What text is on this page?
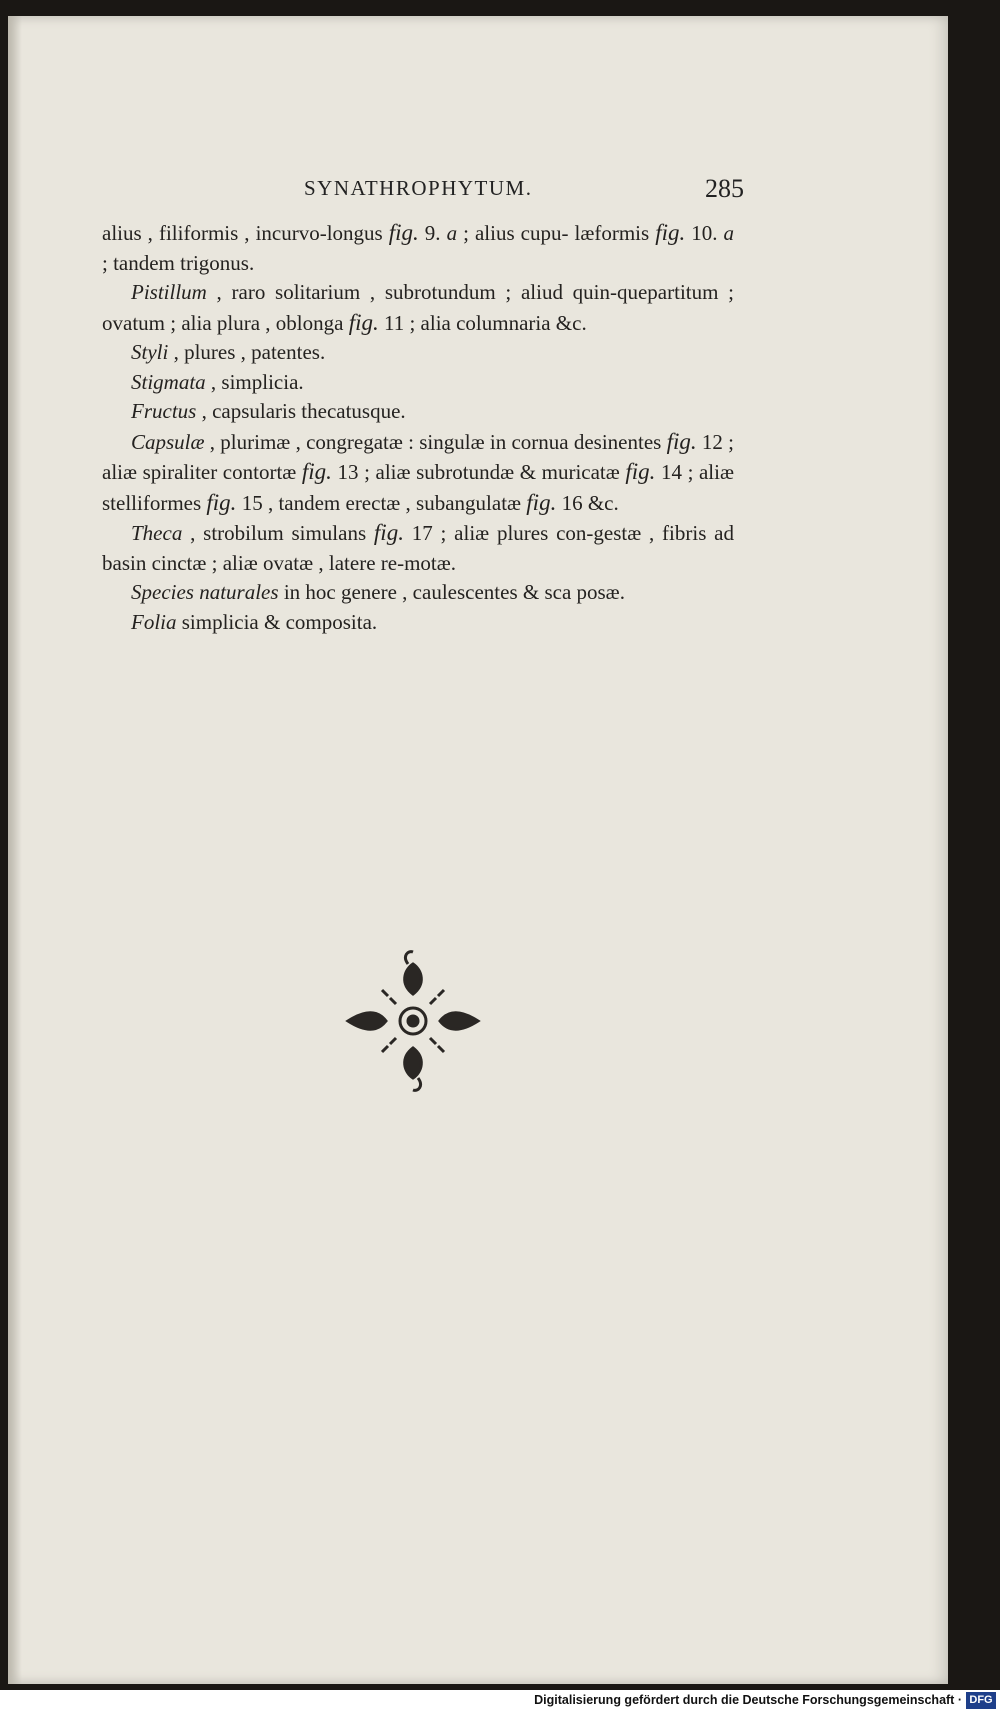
SYNATHROPHYTUM.	285

alius , filiformis , incurvo-longus fig. 9. a ; alius cupu- læformis fig. 10. a ; tandem trigonus.

Pistillum , raro solitarium , subrotundum ; aliud quin-quepartitum ; ovatum ; alia plura , oblonga fig. 11 ; alia columnaria &c.

Styli , plures , patentes.

Stigmata , simplicia.

Fructus , capsularis thecatusque.

Capsulæ , plurimæ , congregatæ : singulæ in cornua desinentes fig. 12 ; aliæ spiraliter contortæ fig. 13 ; aliæ subrotundæ & muricatæ fig. 14 ; aliæ stelliformes fig. 15 , tandem erectæ , subangulatæ fig. 16 &c.

Theca , strobilum simulans fig. 17 ; aliæ plures con-gestæ , fibris ad basin cinctæ ; aliæ ovatæ , latere re-motæ.

Species naturales in hoc genere , caulescentes & sca posæ.

Folia simplicia & composita.

Digitalisierung gefördert durch die Deutsche Forschungsgemeinschaft · DFG
